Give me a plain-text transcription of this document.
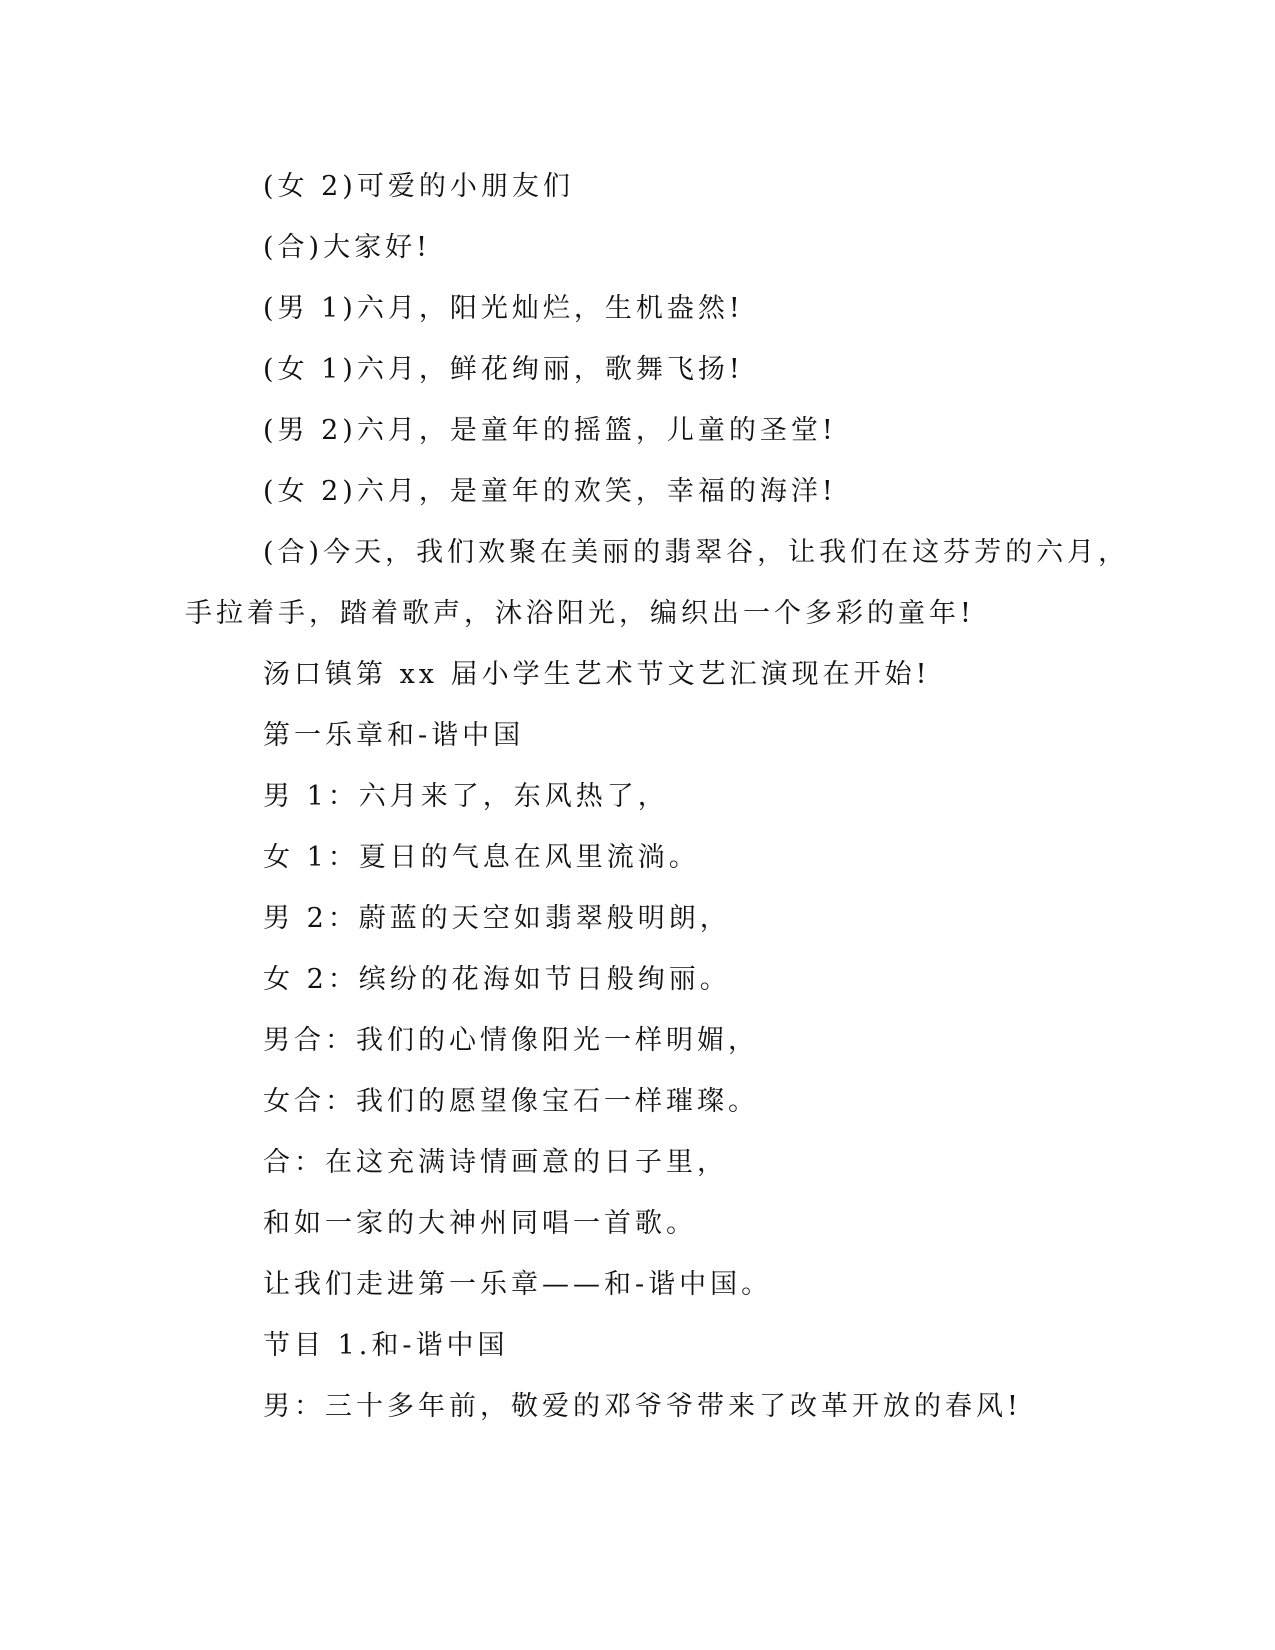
(女 2)可爱的小朋友们
(合)大家好!
(男 1)六月，阳光灿烂，生机盎然!
(女 1)六月，鲜花绚丽，歌舞飞扬!
(男 2)六月，是童年的摇篮，儿童的圣堂!
(女 2)六月，是童年的欢笑，幸福的海洋!
(合)今天，我们欢聚在美丽的翡翠谷，让我们在这芬芳的六月，
手拉着手，踏着歌声，沐浴阳光，编织出一个多彩的童年!
汤口镇第 xx 届小学生艺术节文艺汇演现在开始!
第一乐章和-谐中国
男 1：六月来了，东风热了，
女 1：夏日的气息在风里流淌。
男 2：蔚蓝的天空如翡翠般明朗，
女 2：缤纷的花海如节日般绚丽。
男合：我们的心情像阳光一样明媚，
女合：我们的愿望像宝石一样璀璨。
合：在这充满诗情画意的日子里，
和如一家的大神州同唱一首歌。
让我们走进第一乐章——和-谐中国。
节目 1.和-谐中国
男：三十多年前，敬爱的邓爷爷带来了改革开放的春风!
